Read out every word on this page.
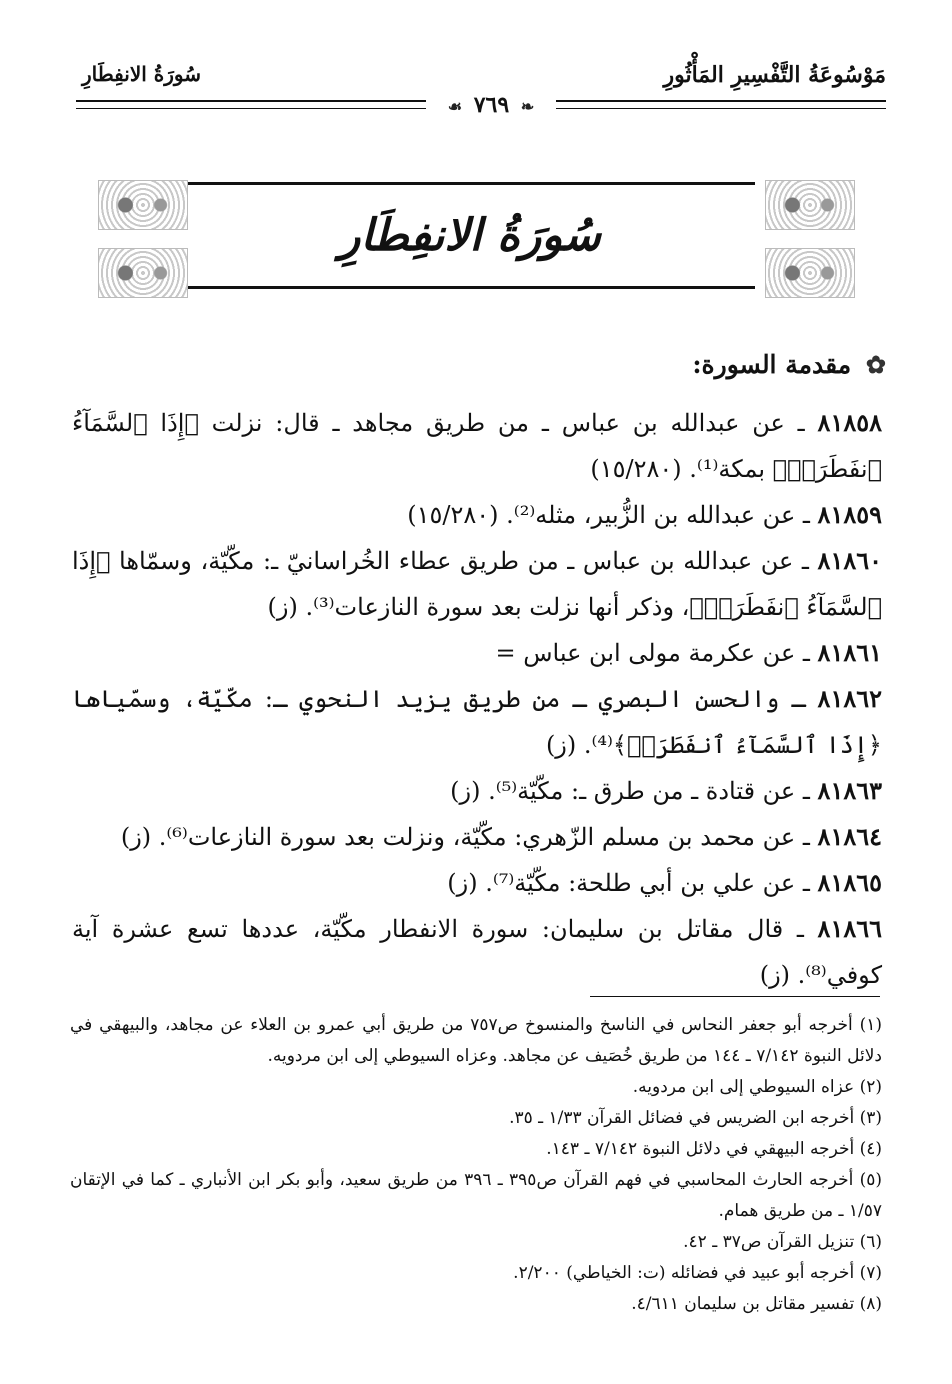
مَوْسُوعَةُ التَّفْسِيرِ المَأْثُورِ
سُورَةُ الانفِطَارِ
❧ ٧٦٩ ☙
سُورَةُ الانفِطَارِ
✿ مقدمة السورة:

٨١٨٥٨ ـ عن عبدالله بن عباس ـ من طريق مجاهد ـ قال: نزلت ﴿إِذَا ٱلسَّمَآءُ ٱنفَطَرَتۡ﴾ بمكة⁽¹⁾. (١٥/٢٨٠)

٨١٨٥٩ ـ عن عبدالله بن الزُّبير، مثله⁽²⁾. (١٥/٢٨٠)

٨١٨٦٠ ـ عن عبدالله بن عباس ـ من طريق عطاء الخُراسانيّ ـ: مكّيّة، وسمّاها ﴿إِذَا ٱلسَّمَآءُ ٱنفَطَرَتۡ﴾، وذكر أنها نزلت بعد سورة النازعات⁽³⁾. (ز)

٨١٨٦١ ـ عن عكرمة مولى ابن عباس =

٨١٨٦٢ ـ والحسن البصري ـ من طريق يزيد النحوي ـ: مكّيّة، وسمّياها ﴿إِذَا ٱلسَّمَآءُ ٱنفَطَرَتۡ﴾⁽⁴⁾. (ز)

٨١٨٦٣ ـ عن قتادة ـ من طرق ـ: مكّيّة⁽⁵⁾. (ز)

٨١٨٦٤ ـ عن محمد بن مسلم الزّهري: مكّيّة، ونزلت بعد سورة النازعات⁽⁶⁾. (ز)

٨١٨٦٥ ـ عن علي بن أبي طلحة: مكّيّة⁽⁷⁾. (ز)

٨١٨٦٦ ـ قال مقاتل بن سليمان: سورة الانفطار مكّيّة، عددها تسع عشرة آية كوفي⁽⁸⁾. (ز)

(١) أخرجه أبو جعفر النحاس في الناسخ والمنسوخ ص٧٥٧ من طريق أبي عمرو بن العلاء عن مجاهد، والبيهقي في دلائل النبوة ٧/١٤٢ ـ ١٤٤ من طريق خُصَيف عن مجاهد. وعزاه السيوطي إلى ابن مردويه.

(٢) عزاه السيوطي إلى ابن مردويه.

(٣) أخرجه ابن الضريس في فضائل القرآن ١/٣٣ ـ ٣٥.

(٤) أخرجه البيهقي في دلائل النبوة ٧/١٤٢ ـ ١٤٣.

(٥) أخرجه الحارث المحاسبي في فهم القرآن ص٣٩٥ ـ ٣٩٦ من طريق سعيد، وأبو بكر ابن الأنباري ـ كما في الإتقان ١/٥٧ ـ من طريق همام.

(٦) تنزيل القرآن ص٣٧ ـ ٤٢.

(٧) أخرجه أبو عبيد في فضائله (ت: الخياطي) ٢/٢٠٠.

(٨) تفسير مقاتل بن سليمان ٤/٦١١.
